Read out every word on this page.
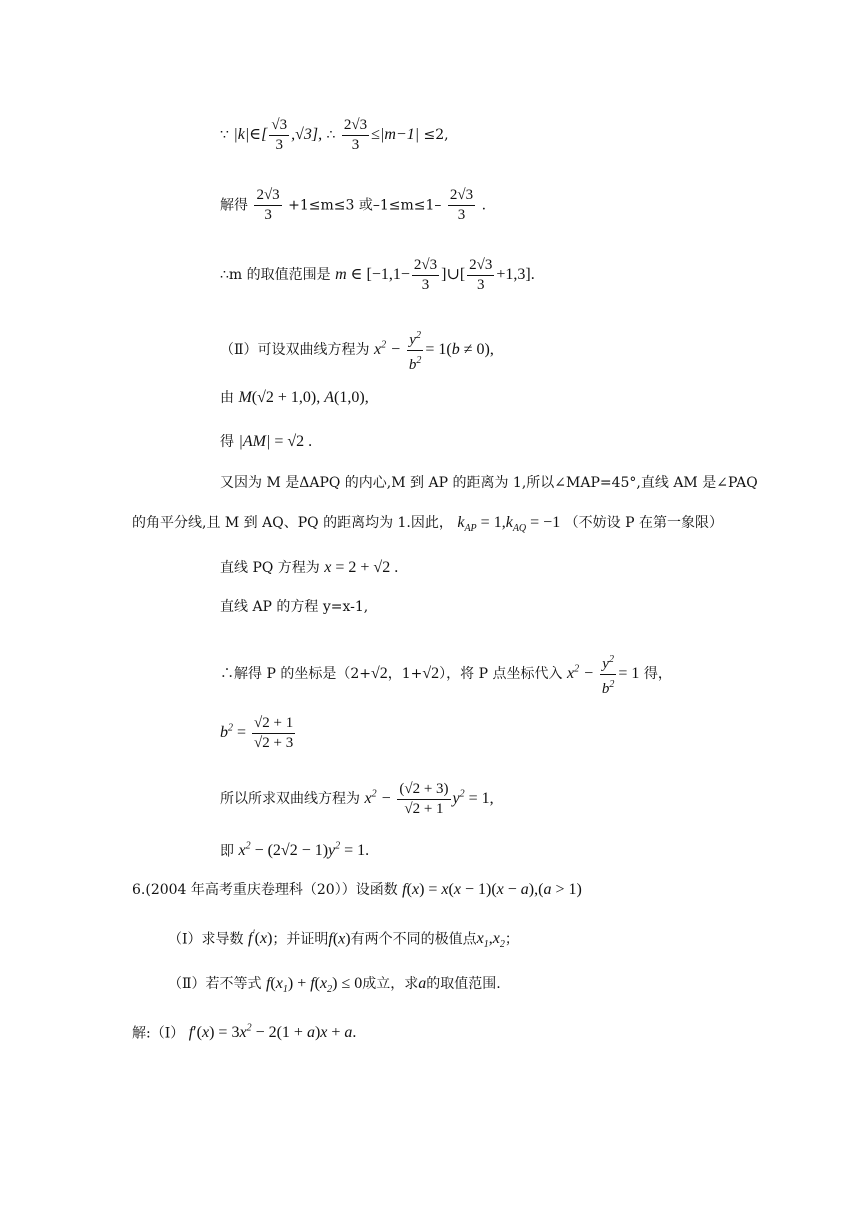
∵ |k|∈[ $\frac{√3}{3} ,√3$], ∴ $\frac{2√3}{3} \le|m-1| \le 2$,
解得 $\frac{2√3}{3} +1\le m\le 3$ 或$-1\le m\le 1- \frac{2√3}{3}$ .
∴m 的取值范围是 m ∈ [$-1,1- \frac{2√3}{3}$ ]∪[ $\frac{2√3}{3} +1,3$].
（Ⅱ）可设双曲线方程为 $x^2 - \frac{y^2}{b^2} = 1(b \ne 0)$,
由 M(√2 + 1,0), A(1,0),
得 |AM| = √2 .
又因为 M 是ΔAPQ 的内心,M 到 AP 的距离为 1,所以∠MAP=45°,直线 AM 是∠PAQ
的角平分线,且 M 到 AQ、PQ 的距离均为 1.因此， $k_{AP} = 1,k_{AQ} = -1$ （不妨设 P 在第一象限）
直线 PQ 方程为 x = 2 + √2 .
直线 AP 的方程 y=x-1,
∴解得 P 的坐标是（2+√2，1+√2），将 P 点坐标代入 $x^2 - \frac{y^2}{b^2} = 1$ 得，
$b^2 = \frac{√2 + 1}{√2 + 3}$
所以所求双曲线方程为 $x^2 - \frac{(√2 + 3)}{√2 + 1} y^2 = 1$,
即 $x^2 - (2√2 - 1)y^2 = 1$.
6.(2004 年高考重庆卷理科（20））设函数 f(x) = x(x − 1)(x − a),(a > 1)
（Ⅰ）求导数 f′(x)；并证明f(x)有两个不同的极值点$x_1,x_2$；
（Ⅱ）若不等式 $f(x_1) + f(x_2) \le 0$成立，求a的取值范围.
解:（Ⅰ） $f'(x) = 3x^2 - 2(1 + a)x + a$.
